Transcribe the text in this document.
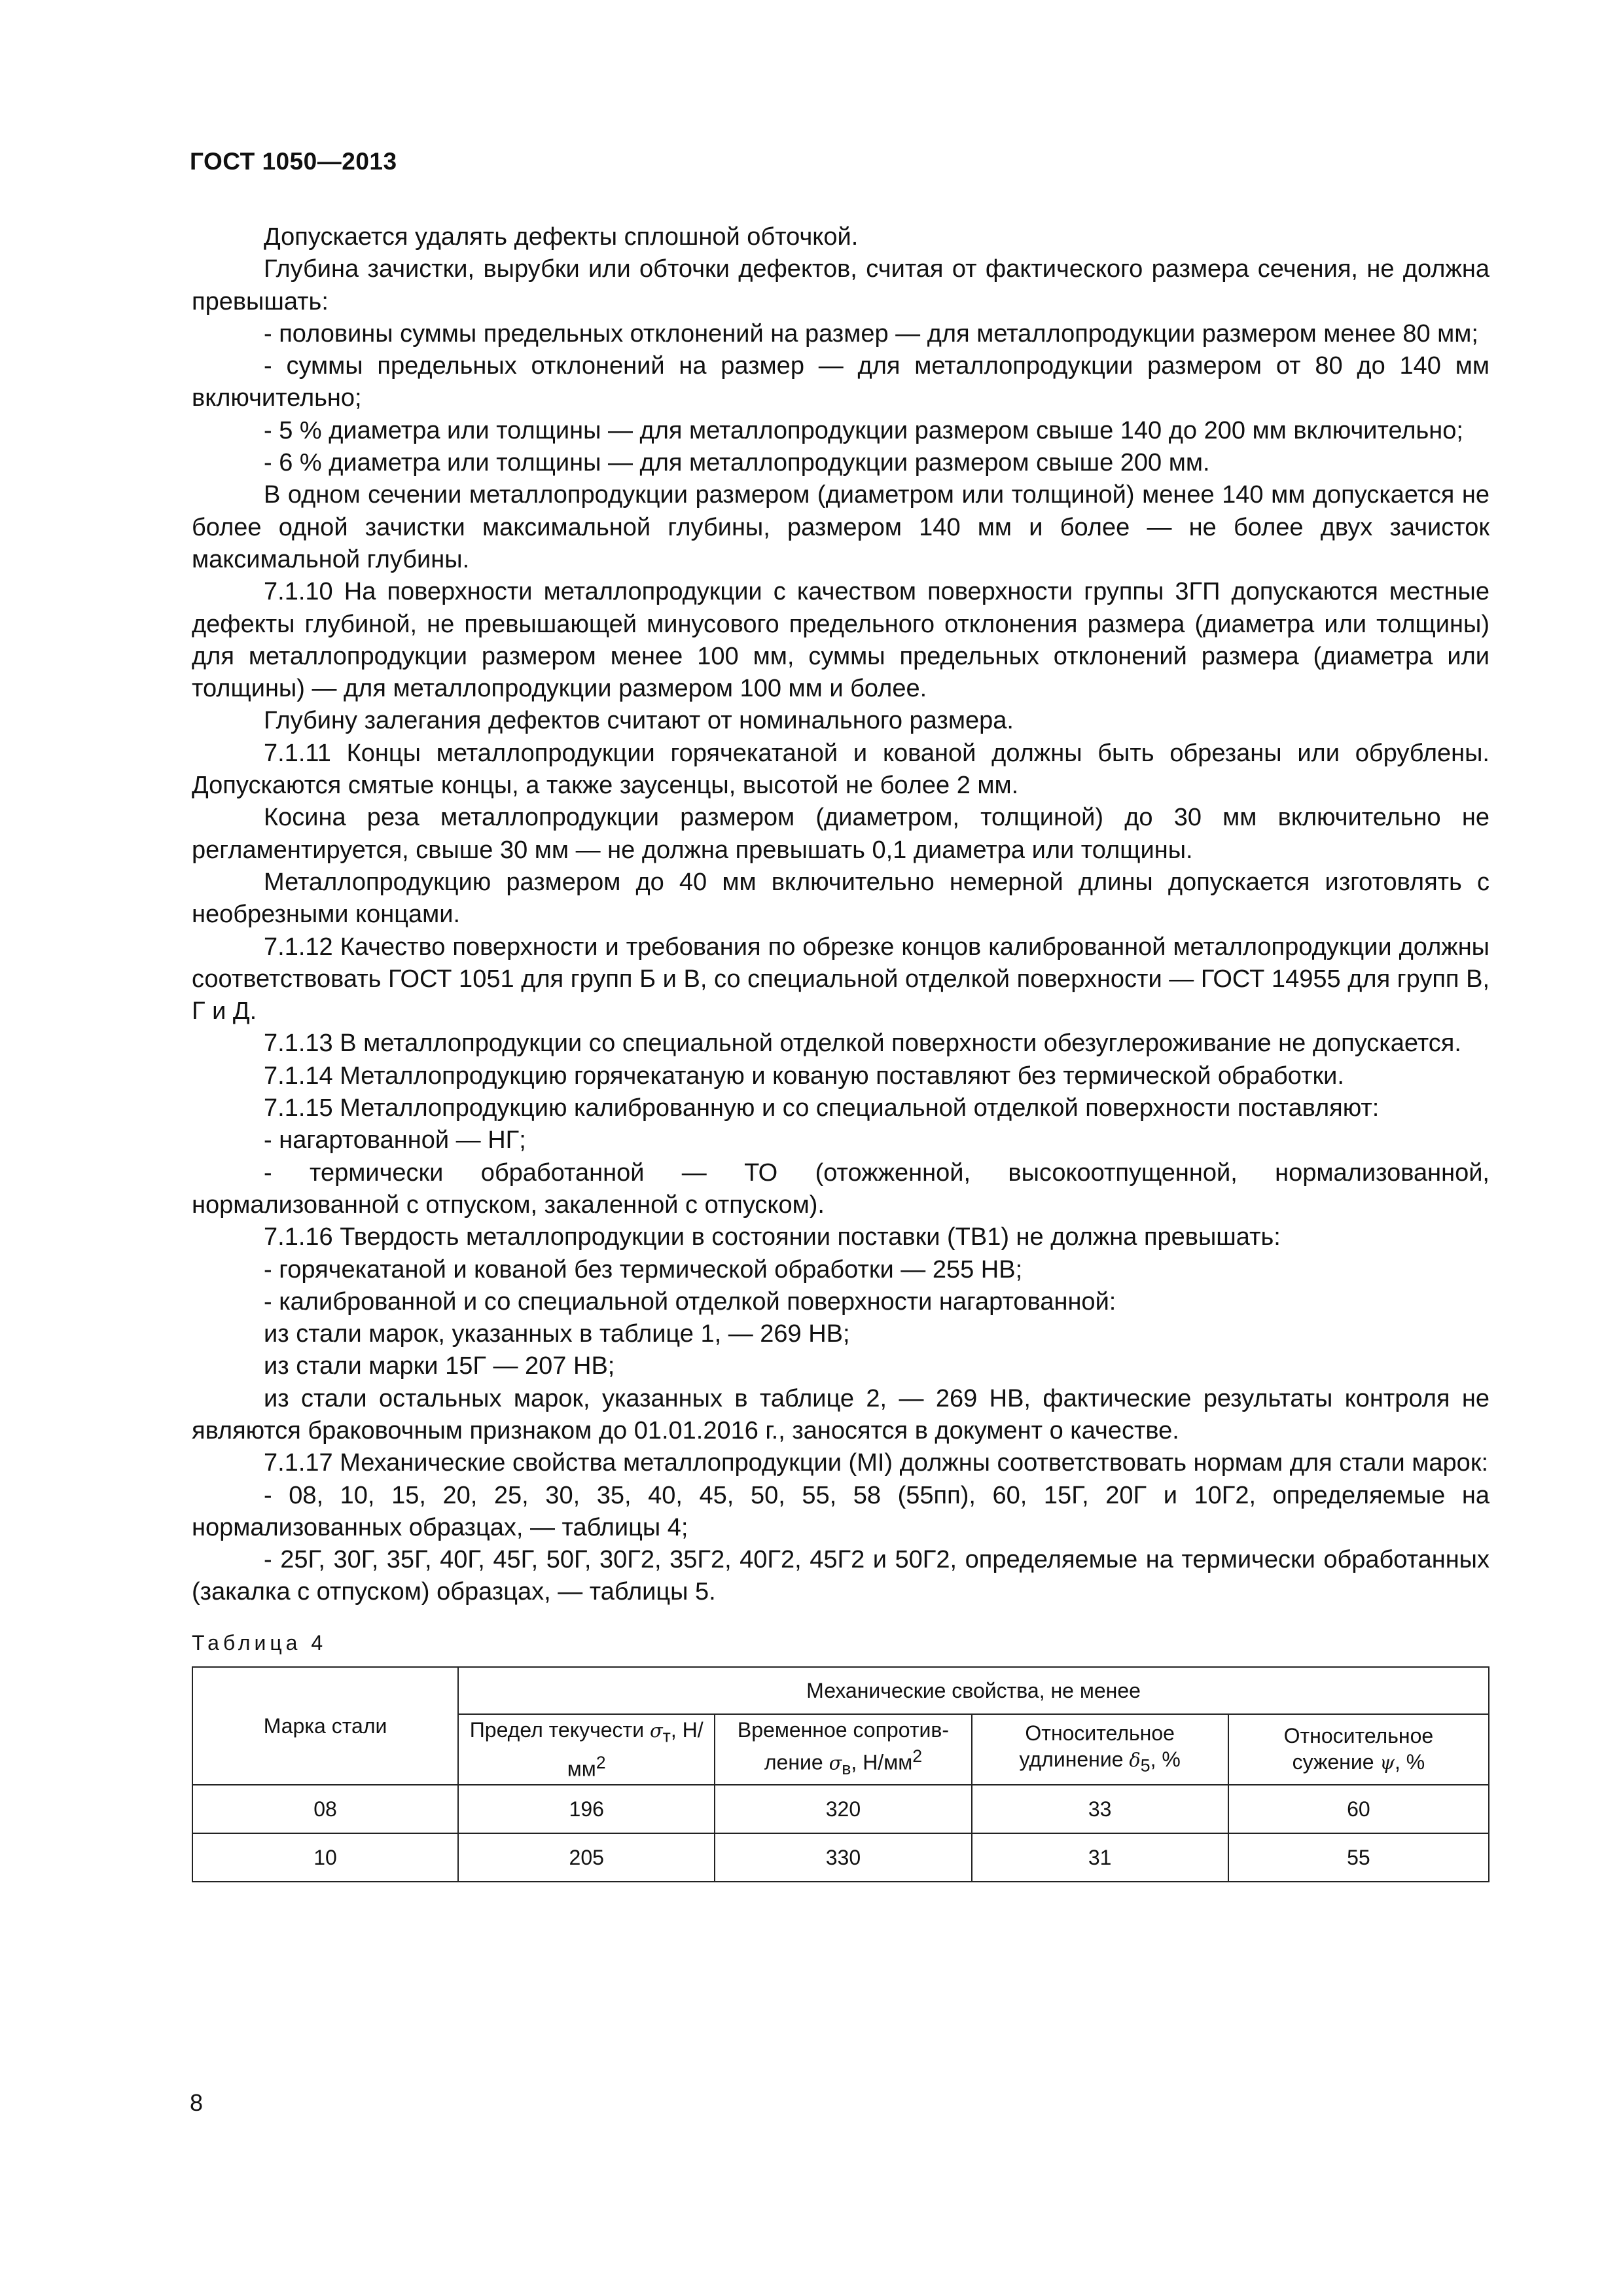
ГОСТ 1050—2013

Допускается удалять дефекты сплошной обточкой.

Глубина зачистки, вырубки или обточки дефектов, считая от фактического размера сечения, не должна превышать:

- половины суммы предельных отклонений на размер — для металлопродукции размером менее 80 мм;

- суммы предельных отклонений на размер — для металлопродукции размером от 80 до 140 мм включительно;

- 5 % диаметра или толщины — для металлопродукции размером свыше 140 до 200 мм включительно;

- 6 % диаметра или толщины — для металлопродукции размером свыше 200 мм.

В одном сечении металлопродукции размером (диаметром или толщиной) менее 140 мм допускается не более одной зачистки максимальной глубины, размером 140 мм и более — не более двух зачисток максимальной глубины.

7.1.10 На поверхности металлопродукции с качеством поверхности группы 3ГП допускаются местные дефекты глубиной, не превышающей минусового предельного отклонения размера (диаметра или толщины) для металлопродукции размером менее 100 мм, суммы предельных отклонений размера (диаметра или толщины) — для металлопродукции размером 100 мм и более.

Глубину залегания дефектов считают от номинального размера.

7.1.11 Концы металлопродукции горячекатаной и кованой должны быть обрезаны или обрублены. Допускаются смятые концы, а также заусенцы, высотой не более 2 мм.

Косина реза металлопродукции размером (диаметром, толщиной) до 30 мм включительно не регламентируется, свыше 30 мм — не должна превышать 0,1 диаметра или толщины.

Металлопродукцию размером до 40 мм включительно немерной длины допускается изготовлять с необрезными концами.

7.1.12 Качество поверхности и требования по обрезке концов калиброванной металлопродукции должны соответствовать ГОСТ 1051 для групп Б и В, со специальной отделкой поверхности — ГОСТ 14955 для групп В, Г и Д.

7.1.13 В металлопродукции со специальной отделкой поверхности обезуглероживание не допускается.

7.1.14 Металлопродукцию горячекатаную и кованую поставляют без термической обработки.

7.1.15 Металлопродукцию калиброванную и со специальной отделкой поверхности поставляют:

- нагартованной — НГ;

- термически обработанной — ТО (отожженной, высокоотпущенной, нормализованной, нормализованной с отпуском, закаленной с отпуском).

7.1.16 Твердость металлопродукции в состоянии поставки (ТВ1) не должна превышать:

- горячекатаной и кованой без термической обработки — 255 НВ;

- калиброванной и со специальной отделкой поверхности нагартованной:

из стали марок, указанных в таблице 1, — 269 НВ;

из стали марки 15Г — 207 НВ;

из стали остальных марок, указанных в таблице 2, — 269 НВ, фактические результаты контроля не являются браковочным признаком до 01.01.2016 г., заносятся в документ о качестве.

7.1.17 Механические свойства металлопродукции (МI) должны соответствовать нормам для стали марок:

- 08, 10, 15, 20, 25, 30, 35, 40, 45, 50, 55, 58 (55пп), 60, 15Г, 20Г и 10Г2, определяемые на нормализованных образцах, — таблицы 4;

- 25Г, 30Г, 35Г, 40Г, 45Г, 50Г, 30Г2, 35Г2, 40Г2, 45Г2 и 50Г2, определяемые на термически обработанных (закалка с отпуском) образцах, — таблицы 5.

Таблица 4
Марка стали	Механические свойства, не менее			
	Предел текучести $\sigma_т$, $Н/мм^2$	Временное сопротив-ление $\sigma_в$, $Н/мм^2$	Относительное удлинение $\delta_5$, %	Относительное сужение ψ, %
08	196	320	33	60
10	205	330	31	55
8
